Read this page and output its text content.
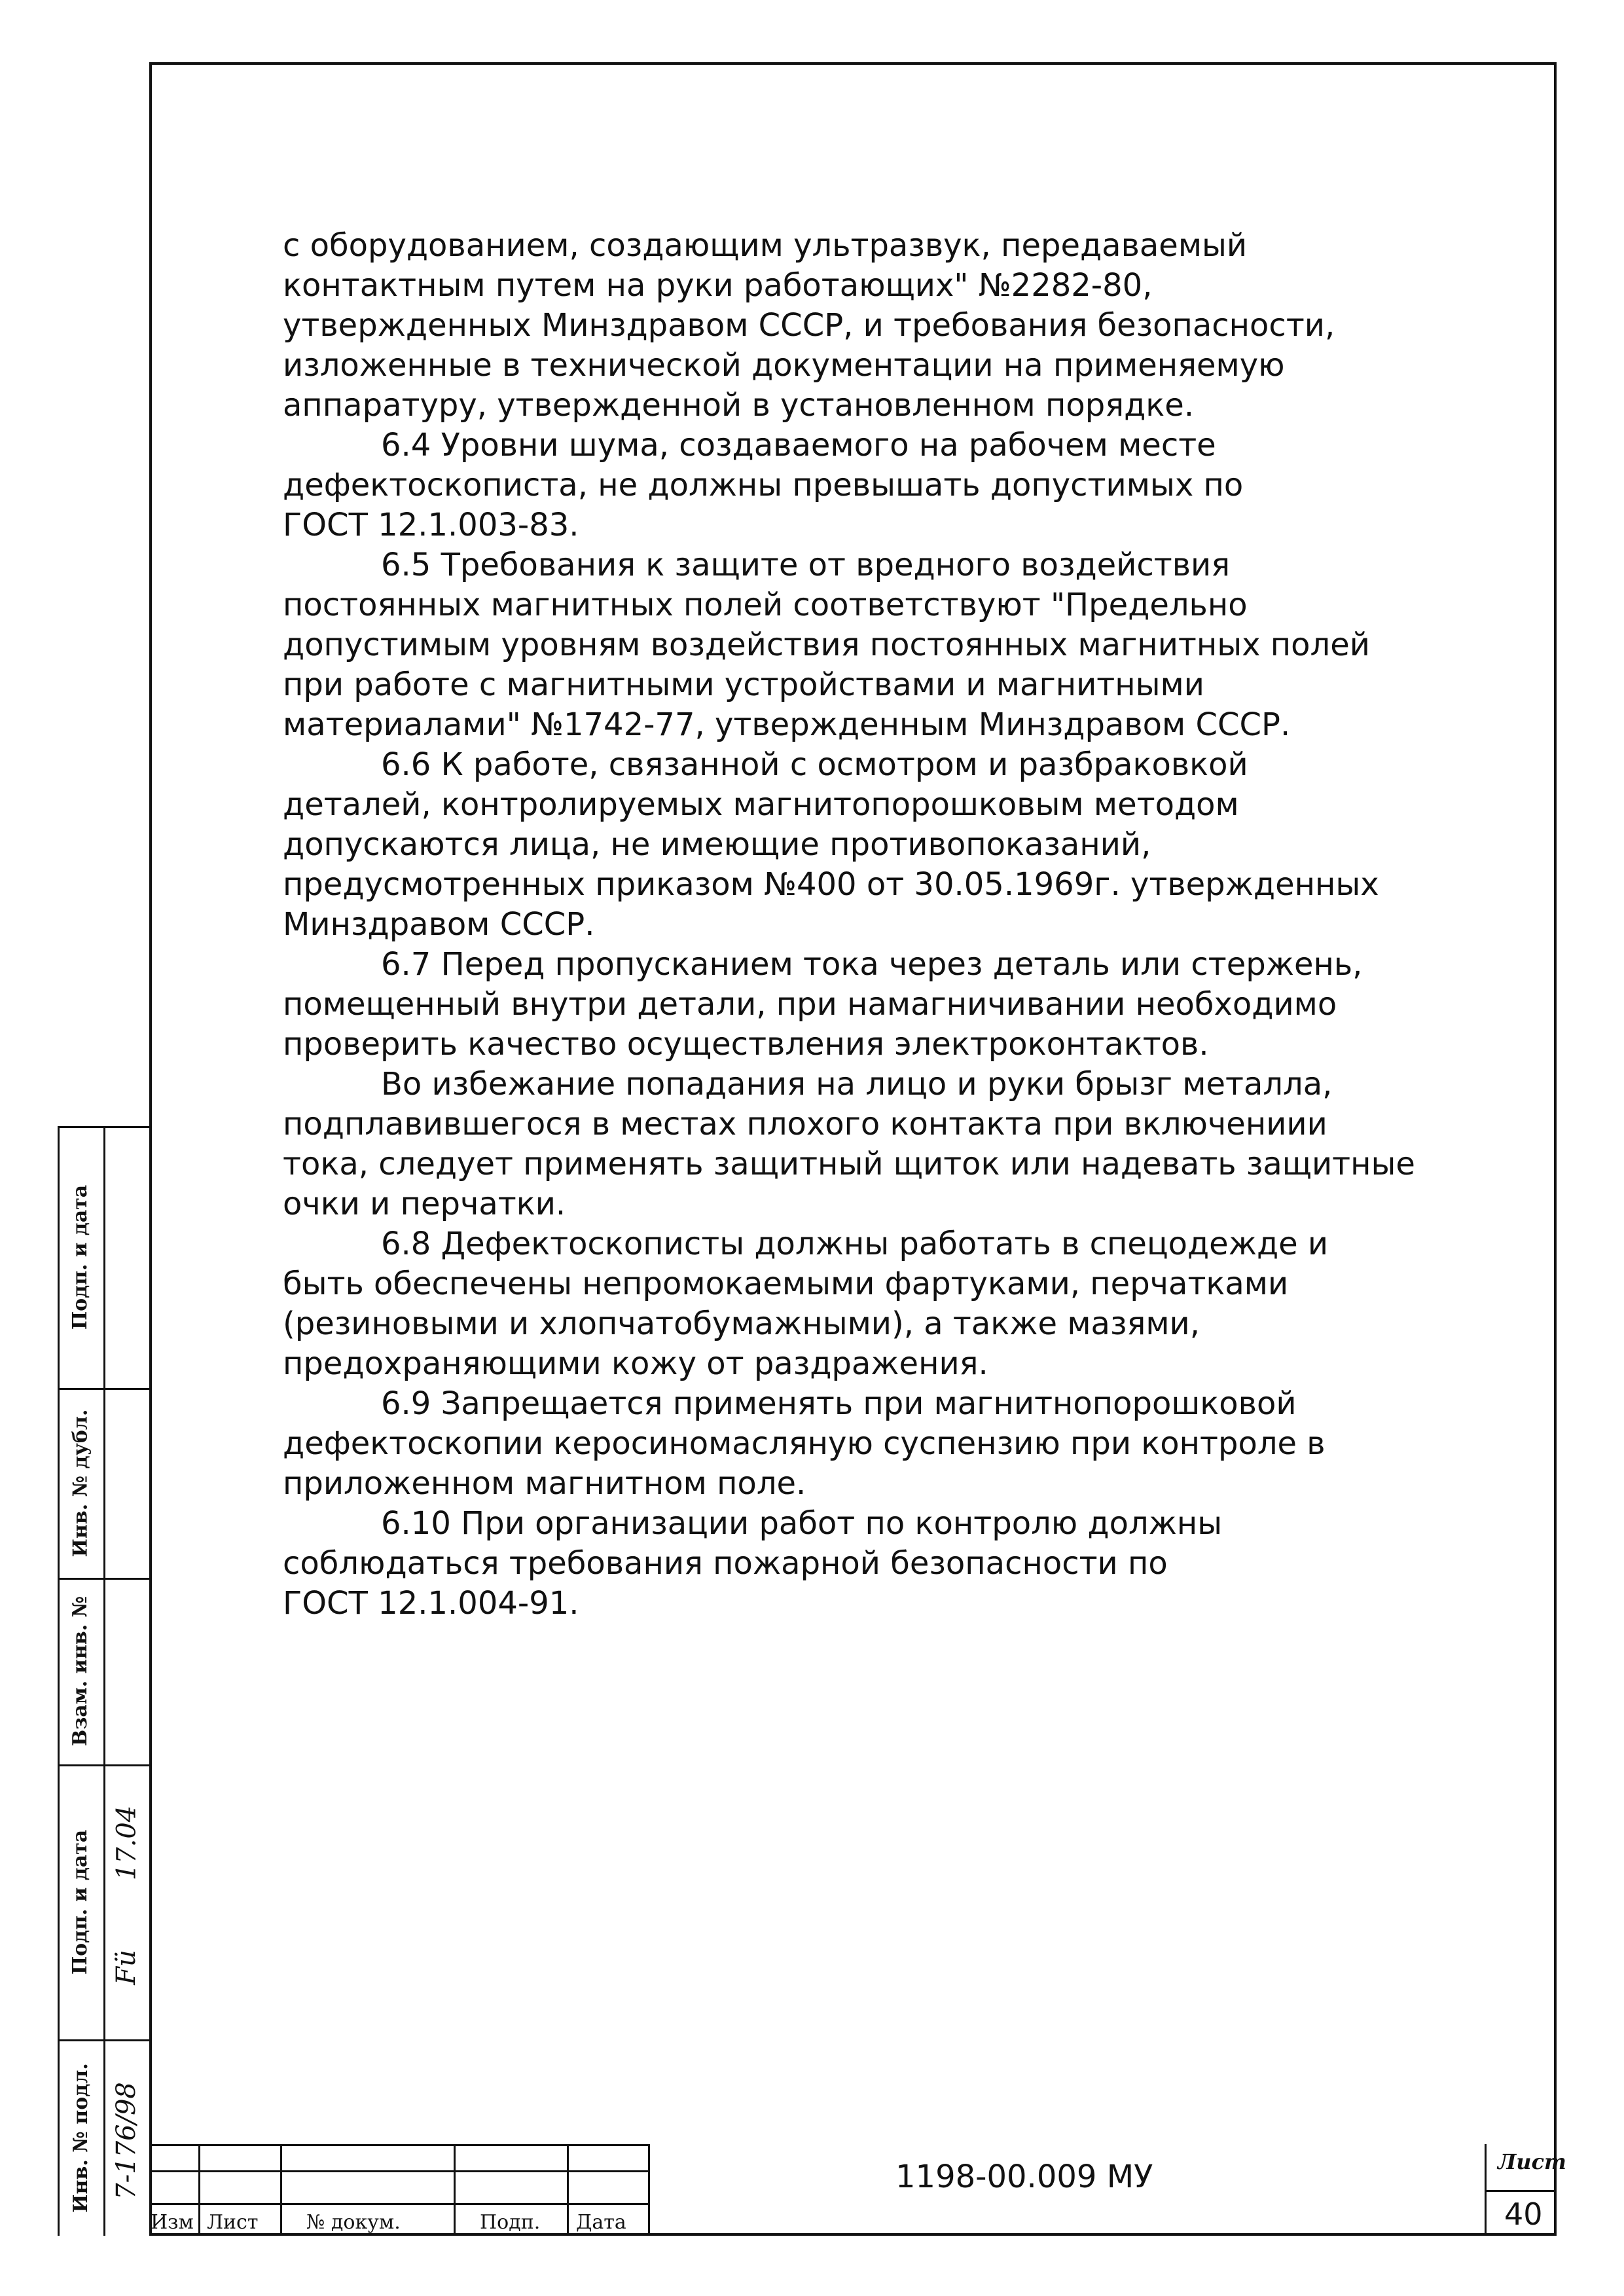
с оборудованием, создающим ультразвук, передаваемый

контактным путем на руки работающих" №2282-80,

утвержденных Минздравом СССР, и требования безопасности,

изложенные в технической документации на применяемую

аппаратуру, утвержденной в установленном порядке.

6.4 Уровни шума, создаваемого на рабочем месте

дефектоскописта, не должны превышать допустимых по

ГОСТ 12.1.003-83.

6.5 Требования к защите от вредного воздействия

постоянных магнитных полей соответствуют "Предельно

допустимым уровням воздействия постоянных магнитных полей

при работе с магнитными устройствами и магнитными

материалами" №1742-77, утвержденным Минздравом СССР.

6.6 К работе, связанной с осмотром и разбраковкой

деталей, контролируемых магнитопорошковым методом

допускаются лица, не имеющие противопоказаний,

предусмотренных приказом №400 от 30.05.1969г. утвержденных

Минздравом СССР.

6.7 Перед пропусканием тока через деталь или стержень,

помещенный внутри детали, при намагничивании необходимо

проверить качество осуществления электроконтактов.

Во избежание попадания на лицо и руки брызг металла,

подплавившегося в местах плохого контакта при включениии

тока, следует применять защитный щиток или надевать защитные

очки и перчатки.

6.8 Дефектоскописты должны работать в спецодежде и

быть обеспечены непромокаемыми фартуками, перчатками

(резиновыми и хлопчатобумажными), а также мазями,

предохраняющими кожу от раздражения.

6.9 Запрещается применять при магнитнопорошковой

дефектоскопии керосиномасляную суспензию при контроле в

приложенном магнитном поле.

6.10 При организации работ по контролю должны

соблюдаться требования пожарной безопасности по

ГОСТ 12.1.004-91.

Подп. и дата
Инв. № дубл.
Взам. инв. №
Подп. и дата
Инв. № подл.
17.04
Fü
7-176/98
Изм Лист № докум.	Подп. Дата
1198-00.009 МУ	Лист
40
